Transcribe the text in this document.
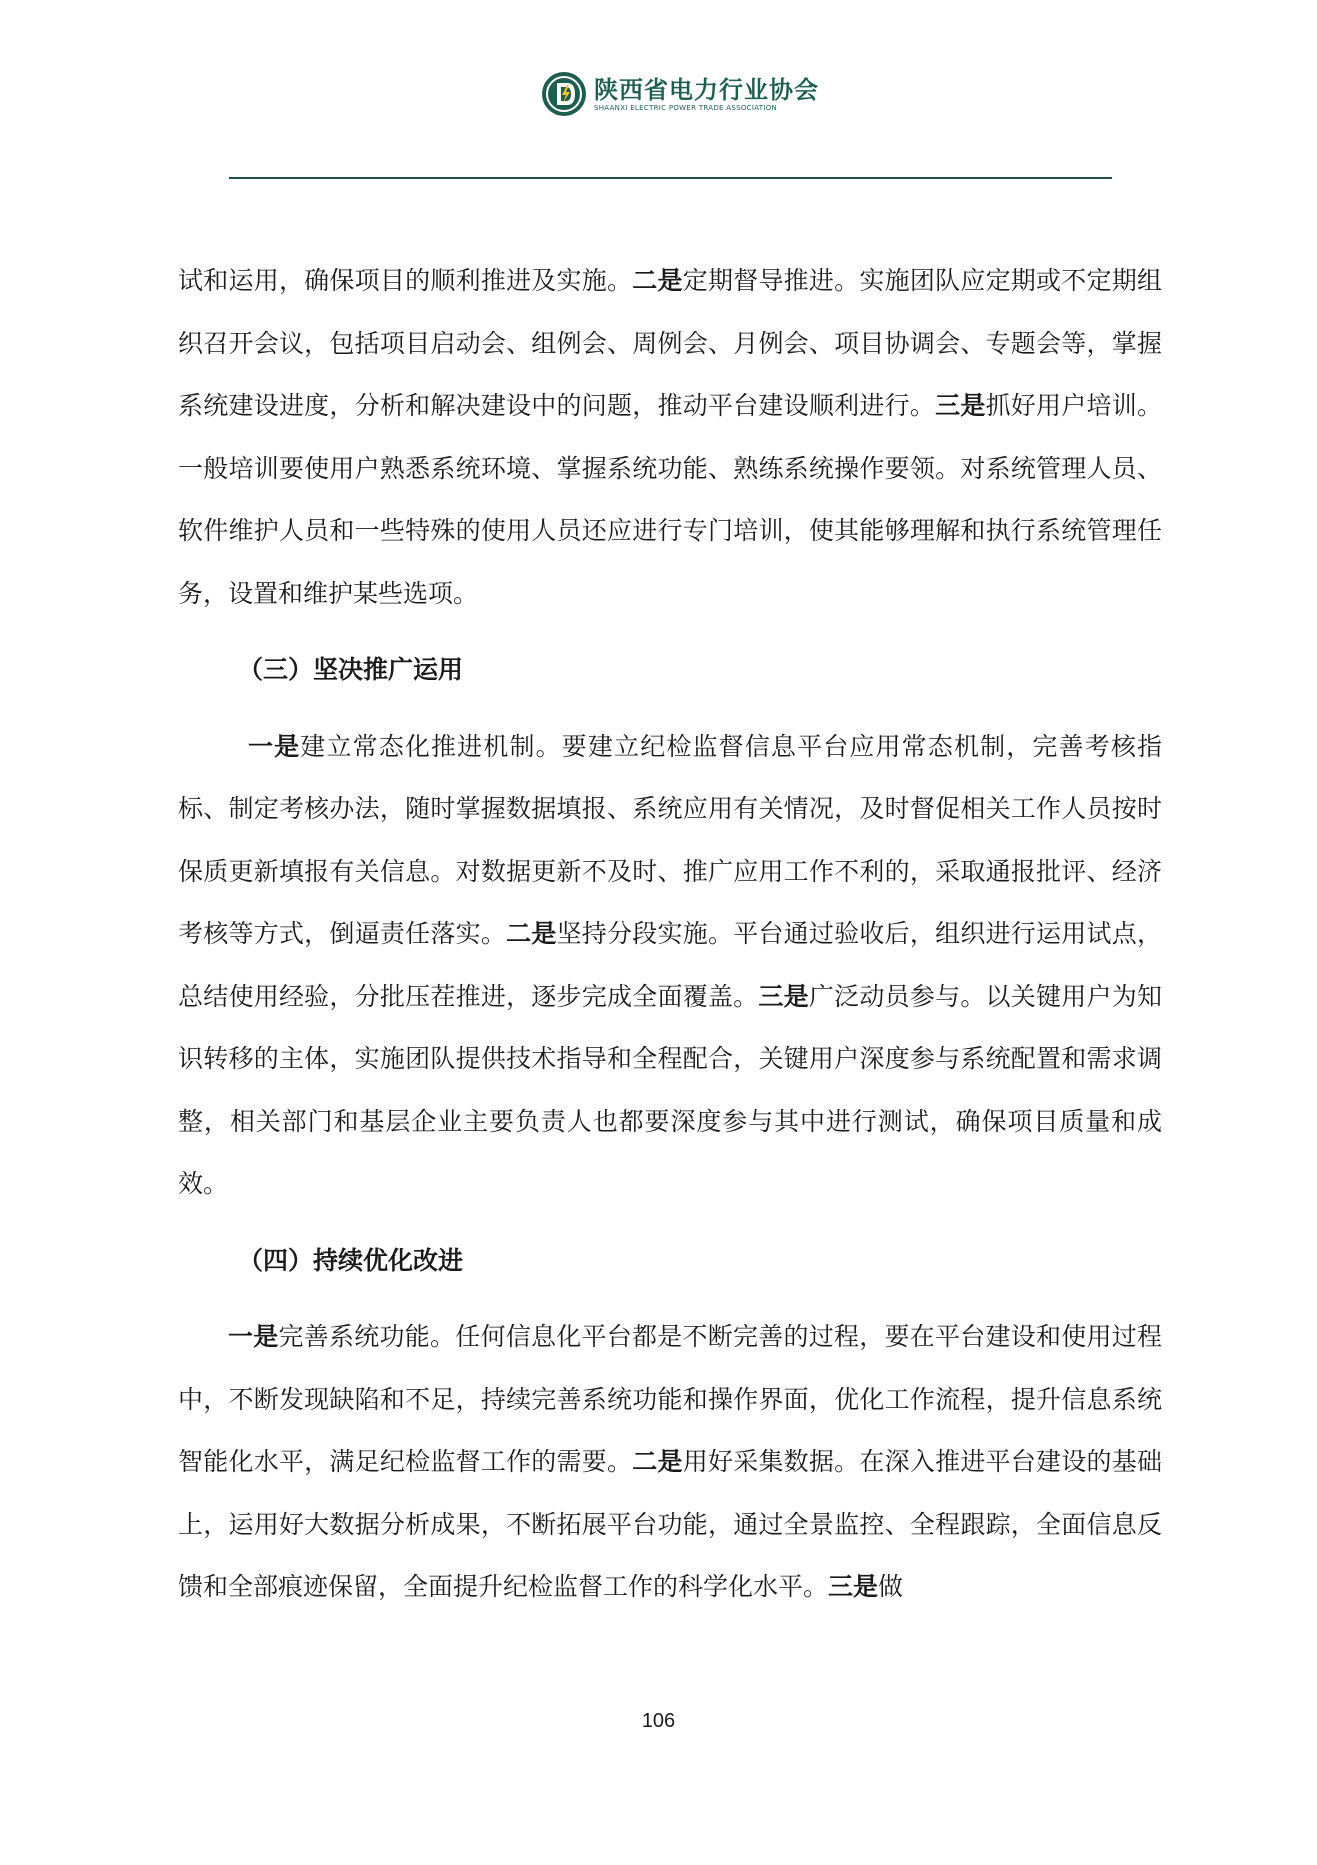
陕西省电力行业协会
SHAANXI ELECTRIC POWER TRADE ASSOCIATION

试和运用，确保项目的顺利推进及实施。二是定期督导推进。实施团队应定期或不定期组织召开会议，包括项目启动会、组例会、周例会、月例会、项目协调会、专题会等，掌握系统建设进度，分析和解决建设中的问题，推动平台建设顺利进行。三是抓好用户培训。一般培训要使用户熟悉系统环境、掌握系统功能、熟练系统操作要领。对系统管理人员、软件维护人员和一些特殊的使用人员还应进行专门培训，使其能够理解和执行系统管理任务，设置和维护某些选项。

（三）坚决推广运用

一是建立常态化推进机制。要建立纪检监督信息平台应用常态机制，完善考核指标、制定考核办法，随时掌握数据填报、系统应用有关情况，及时督促相关工作人员按时保质更新填报有关信息。对数据更新不及时、推广应用工作不利的，采取通报批评、经济考核等方式，倒逼责任落实。二是坚持分段实施。平台通过验收后，组织进行运用试点，总结使用经验，分批压茬推进，逐步完成全面覆盖。三是广泛动员参与。以关键用户为知识转移的主体，实施团队提供技术指导和全程配合，关键用户深度参与系统配置和需求调整，相关部门和基层企业主要负责人也都要深度参与其中进行测试，确保项目质量和成效。

（四）持续优化改进

一是完善系统功能。任何信息化平台都是不断完善的过程，要在平台建设和使用过程中，不断发现缺陷和不足，持续完善系统功能和操作界面，优化工作流程，提升信息系统智能化水平，满足纪检监督工作的需要。二是用好采集数据。在深入推进平台建设的基础上，运用好大数据分析成果，不断拓展平台功能，通过全景监控、全程跟踪，全面信息反馈和全部痕迹保留，全面提升纪检监督工作的科学化水平。三是做

106
